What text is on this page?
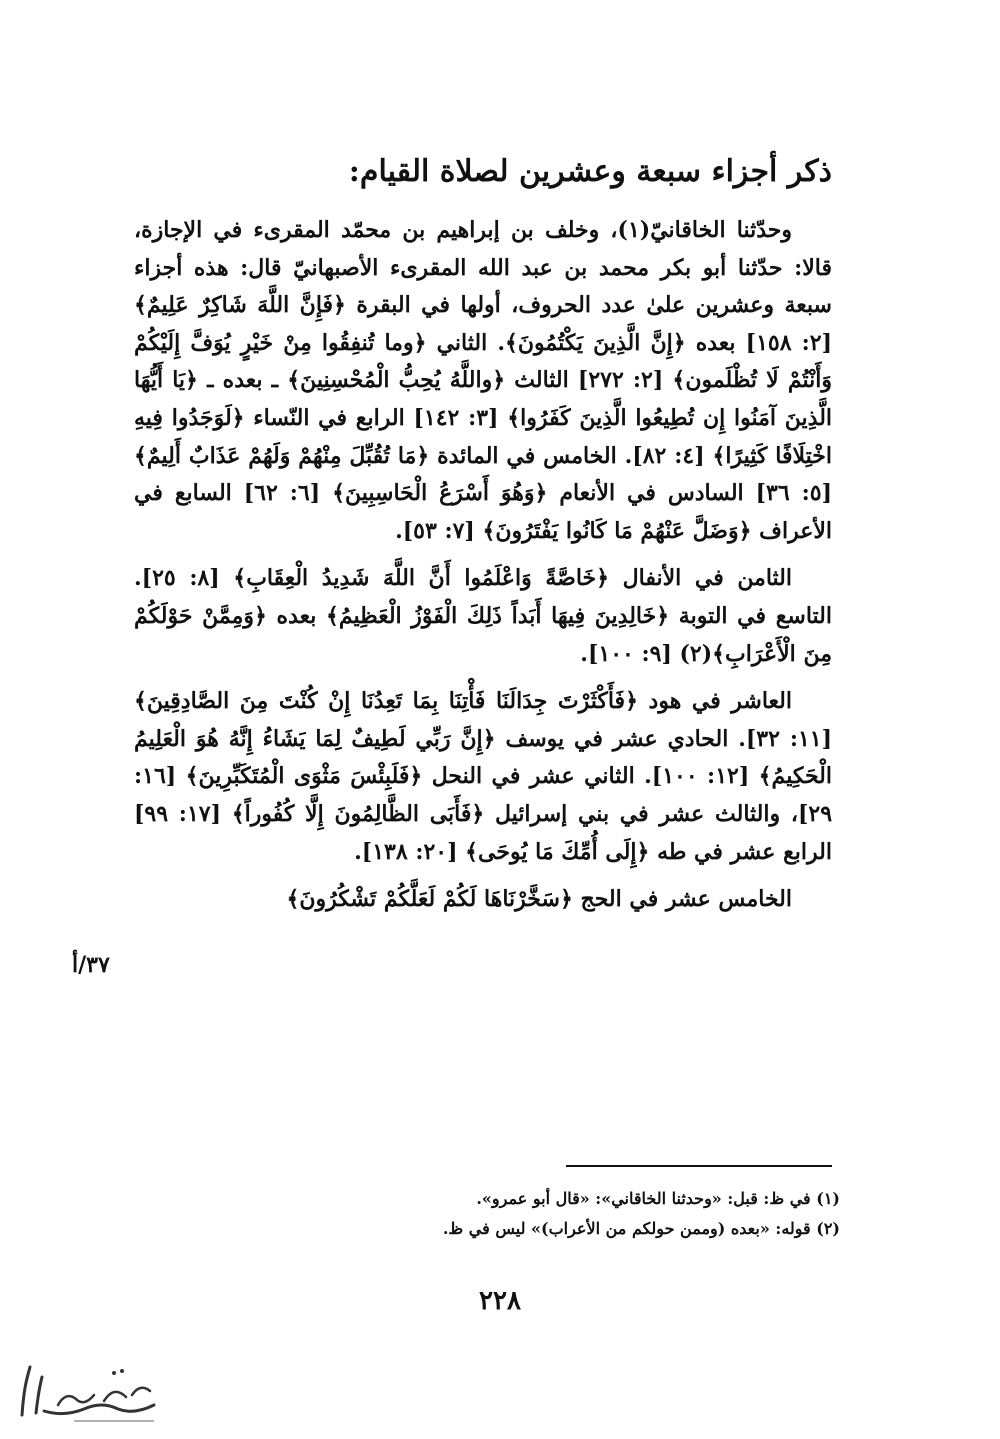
ذكر أجزاء سبعة وعشرين لصلاة القيام:

وحدّثنا الخاقانيّ(١)، وخلف بن إبراهيم بن محمّد المقرىء في الإجازة، قالا: حدّثنا أبو بكر محمد بن عبد الله المقرىء الأصبهانيّ قال: هذه أجزاء سبعة وعشرين علىٰ عدد الحروف، أولها في البقرة ﴿فَإِنَّ اللَّهَ شَاكِرٌ عَلِيمٌ﴾ [٢: ١٥٨] بعده ﴿إِنَّ الَّذِينَ يَكْتُمُونَ﴾. الثاني ﴿وما تُنفِقُوا مِنْ خَيْرٍ يُوَفَّ إِلَيْكُمْ وَأَنْتُمْ لَا تُظْلَمون﴾ [٢: ٢٧٢] الثالث ﴿واللَّهُ يُحِبُّ الْمُحْسِنِينَ﴾ ـ بعده ـ ﴿يَا أَيُّهَا الَّذِينَ آمَنُوا إِن تُطِيعُوا الَّذِينَ كَفَرُوا﴾ [٣: ١٤٢] الرابع في النّساء ﴿لَوَجَدُوا فِيهِ اخْتِلَافًا كَثِيرًا﴾ [٤: ٨٢]. الخامس في المائدة ﴿مَا تُقُبِّلَ مِنْهُمْ وَلَهُمْ عَذَابٌ أَلِيمٌ﴾ [٥: ٣٦] السادس في الأنعام ﴿وَهُوَ أَسْرَعُ الْحَاسِبِينَ﴾ [٦: ٦٢] السابع في الأعراف ﴿وَضَلَّ عَنْهُمْ مَا كَانُوا يَفْتَرُونَ﴾ [٧: ٥٣].

الثامن في الأنفال ﴿خَاصَّةً وَاعْلَمُوا أَنَّ اللَّهَ شَدِيدُ الْعِقَابِ﴾ [٨: ٢٥]. التاسع في التوبة ﴿خَالِدِينَ فِيهَا أَبَداً ذَلِكَ الْفَوْزُ الْعَظِيمُ﴾ بعده ﴿وَمِمَّنْ حَوْلَكُمْ مِنَ الْأَعْرَابِ﴾(٢) [٩: ١٠٠].

العاشر في هود ﴿فَأَكْثَرْتَ جِدَالَنَا فَأْتِنَا بِمَا تَعِدُنَا إِنْ كُنْتَ مِنَ الصَّادِقِينَ﴾ [١١: ٣٢]. الحادي عشر في يوسف ﴿إِنَّ رَبِّي لَطِيفٌ لِمَا يَشَاءُ إِنَّهُ هُوَ الْعَلِيمُ الْحَكِيمُ﴾ [١٢: ١٠٠]. الثاني عشر في النحل ﴿فَلَبِئْسَ مَثْوَى الْمُتَكَبِّرِينَ﴾ [١٦: ٢٩]، والثالث عشر في بني إسرائيل ﴿فَأَبَى الظَّالِمُونَ إِلَّا كُفُوراً﴾ [١٧: ٩٩] الرابع عشر في طه ﴿إِلَى أُمِّكَ مَا يُوحَى﴾ [٢٠: ١٣٨].

الخامس عشر في الحج ﴿سَخَّرْنَاهَا لَكُمْ لَعَلَّكُمْ تَشْكُرُونَ﴾

٣٧/أ

(١) في ظ: قبل: «وحدثنا الخاقاني»: «قال أبو عمرو».

(٢) قوله: «بعده (وممن حولكم من الأعراب)» ليس في ظ.

٢٢٨
